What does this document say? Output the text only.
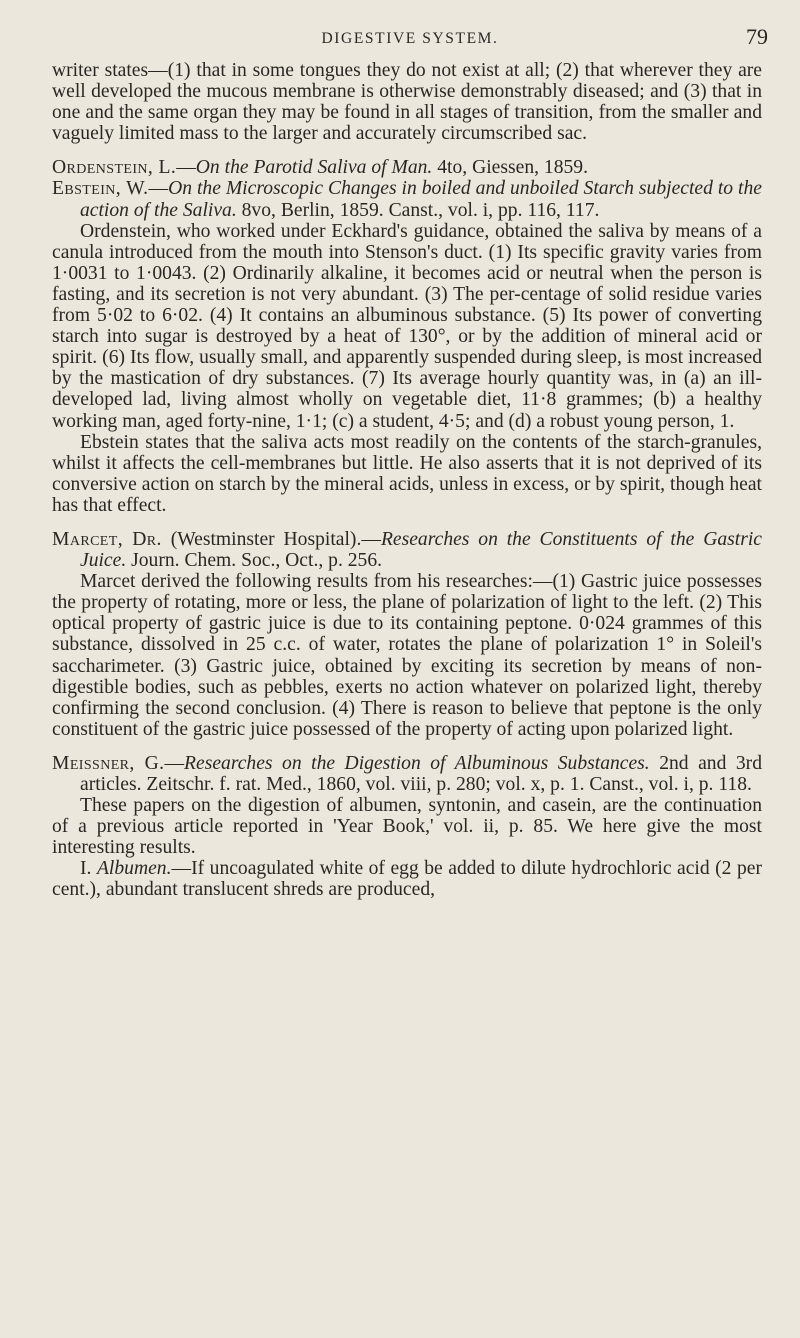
DIGESTIVE SYSTEM.	79

writer states—(1) that in some tongues they do not exist at all; (2) that wherever they are well developed the mucous membrane is otherwise demonstrably diseased; and (3) that in one and the same organ they may be found in all stages of transition, from the smaller and vaguely limited mass to the larger and accurately circumscribed sac.

Ordenstein, L.—On the Parotid Saliva of Man. 4to, Giessen, 1859.

Ebstein, W.—On the Microscopic Changes in boiled and unboiled Starch subjected to the action of the Saliva. 8vo, Berlin, 1859. Canst., vol. i, pp. 116, 117.

Ordenstein, who worked under Eckhard's guidance, obtained the saliva by means of a canula introduced from the mouth into Stenson's duct. (1) Its specific gravity varies from 1·0031 to 1·0043. (2) Ordinarily alkaline, it becomes acid or neutral when the person is fasting, and its secretion is not very abundant. (3) The per-centage of solid residue varies from 5·02 to 6·02. (4) It contains an albuminous substance. (5) Its power of converting starch into sugar is destroyed by a heat of 130°, or by the addition of mineral acid or spirit. (6) Its flow, usually small, and apparently suspended during sleep, is most increased by the mastication of dry substances. (7) Its average hourly quantity was, in (a) an ill-developed lad, living almost wholly on vegetable diet, 11·8 grammes; (b) a healthy working man, aged forty-nine, 1·1; (c) a student, 4·5; and (d) a robust young person, 1.

Ebstein states that the saliva acts most readily on the contents of the starch-granules, whilst it affects the cell-membranes but little. He also asserts that it is not deprived of its conversive action on starch by the mineral acids, unless in excess, or by spirit, though heat has that effect.

Marcet, Dr. (Westminster Hospital).—Researches on the Constituents of the Gastric Juice. Journ. Chem. Soc., Oct., p. 256.

Marcet derived the following results from his researches:—(1) Gastric juice possesses the property of rotating, more or less, the plane of polarization of light to the left. (2) This optical property of gastric juice is due to its containing peptone. 0·024 grammes of this substance, dissolved in 25 c.c. of water, rotates the plane of polarization 1° in Soleil's saccharimeter. (3) Gastric juice, obtained by exciting its secretion by means of non-digestible bodies, such as pebbles, exerts no action whatever on polarized light, thereby confirming the second conclusion. (4) There is reason to believe that peptone is the only constituent of the gastric juice possessed of the property of acting upon polarized light.

Meissner, G.—Researches on the Digestion of Albuminous Substances. 2nd and 3rd articles. Zeitschr. f. rat. Med., 1860, vol. viii, p. 280; vol. x, p. 1. Canst., vol. i, p. 118.

These papers on the digestion of albumen, syntonin, and casein, are the continuation of a previous article reported in 'Year Book,' vol. ii, p. 85. We here give the most interesting results.

I. Albumen.—If uncoagulated white of egg be added to dilute hydrochloric acid (2 per cent.), abundant translucent shreds are produced,
